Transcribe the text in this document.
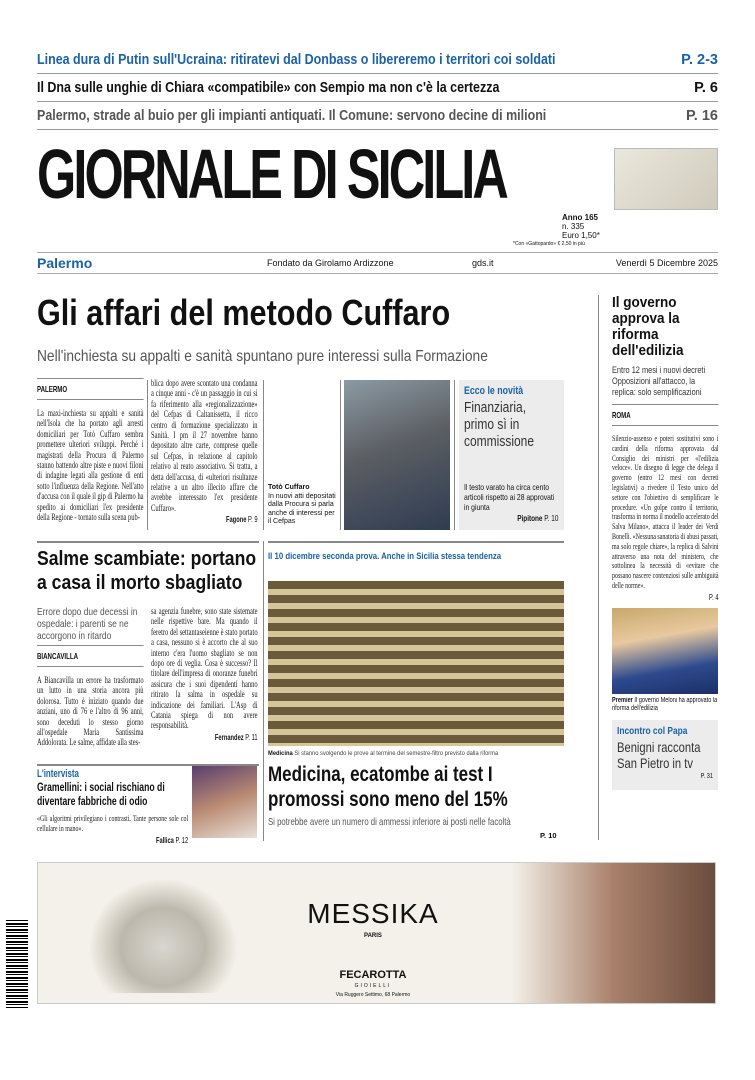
Linea dura di Putin sull'Ucraina: ritiratevi dal Donbass o libereremo i territori coi soldati	P. 2-3
Il Dna sulle unghie di Chiara «compatibile» con Sempio ma non c'è la certezza	P. 6
Palermo, strade al buio per gli impianti antiquati. Il Comune: servono decine di milioni	P. 16
GIORNALE DI SICILIA
Anno 165
n. 335
Euro 1,50*
*Con «Gattopardo» € 2,50 in più
Palermo	Fondato da Girolamo Ardizzone	gds.it	Venerdì 5 Dicembre 2025
Gli affari del metodo Cuffaro
Nell'inchiesta su appalti e sanità spuntano pure interessi sulla Formazione
PALERMO
La maxi-inchiesta su appalti e sanità nell'Isola che ha portato agli arresti domiciliari per Totò Cuffaro sembra promettere ulteriori sviluppi. Perché i magistrati della Procura di Palermo stanno battendo altre piste e nuovi filoni di indagine legati alla gestione di enti sotto l'influenza della Regione. Nell'atto d'accusa con il quale il gip di Palermo ha spedito ai domiciliari l'ex presidente della Regione - tornato sulla scena pub-
blica dopo avere scontato una condanna a cinque anni - c'è un passaggio in cui si fa riferimento alla «regionalizzazione» del Cefpas di Caltanissetta, il ricco centro di formazione specializzato in Sanità. I pm il 27 novembre hanno depositato altre carte, comprese quelle sul Cefpas, in relazione al capitolo relativo al reato associativo. Si tratta, a detta dell'accusa, di «ulteriori risultanze relative a un altro illecito affare che avrebbe interessato l'ex presidente Cuffaro».
Fagone P. 9
Totò Cuffaro
In nuovi atti depositati dalla Procura si parla anche di interessi per il Cefpas
Ecco le novità
Finanziaria, primo sì in commissione
Il testo varato ha circa cento articoli rispetto ai 28 approvati in giunta
Pipitone P. 10
Salme scambiate: portano a casa il morto sbagliato
Errore dopo due decessi in ospedale: i parenti se ne accorgono in ritardo
BIANCAVILLA
A Biancavilla un errore ha trasformato un lutto in una storia ancora più dolorosa. Tutto è iniziato quando due anziani, uno di 76 e l'altro di 96 anni, sono deceduti lo stesso giorno all'ospedale Maria Santissima Addolorata. Le salme, affidate alla stes-
sa agenzia funebre, sono state sistemate nelle rispettive bare. Ma quando il feretro del settantaseienne è stato portato a casa, nessuno si è accorto che al suo interno c'era l'uomo sbagliato se non dopo ore di veglia. Cosa è successo? Il titolare dell'impresa di onoranze funebri assicura che i suoi dipendenti hanno ritirato la salma in ospedale su indicazione dei familiari. L'Asp di Catania spiega di non avere responsabilità.
Fernandez P. 11
L'intervista
Gramellini: i social rischiano di diventare fabbriche di odio
«Gli algoritmi privilegiano i contrasti. Tante persone sole col cellulare in mano».
Fallica P. 12
Il 10 dicembre seconda prova. Anche in Sicilia stessa tendenza
Medicina Si stanno svolgendo le prove al termine del semestre-filtro previsto dalla riforma
Medicina, ecatombe ai test I promossi sono meno del 15%
Si potrebbe avere un numero di ammessi inferiore ai posti nelle facoltà
P. 10
Il governo approva la riforma dell'edilizia
Entro 12 mesi i nuovi decreti Opposizioni all'attacco, la replica: solo semplificazioni
ROMA
Silenzio-assenso e poteri sostitutivi sono i cardini della riforma approvata dal Consiglio dei ministri per «l'edilizia veloce». Un disegno di legge che delega il governo (entro 12 mesi con decreti legislativi) a rivedere il Testo unico del settore con l'obiettivo di semplificare le procedure. «Un golpe contro il territorio, trasforma in norma il modello accelerato del Salva Milano», attacca il leader dei Verdi Bonelli. «Nessuna sanatoria di abusi passati, ma solo regole chiare», la replica di Salvini attraverso una nota del ministero, che sottolinea la necessità di «evitare che possano nascere contenziosi sulle ambiguità delle norme».
P. 4
Premier Il governo Meloni ha approvato la riforma dell'edilizia
Incontro col Papa
Benigni racconta San Pietro in tv
P. 31
MESSIKA
PARIS
FECAROTTA
GIOIELLI
Via Ruggero Settimo, 68 Palermo
